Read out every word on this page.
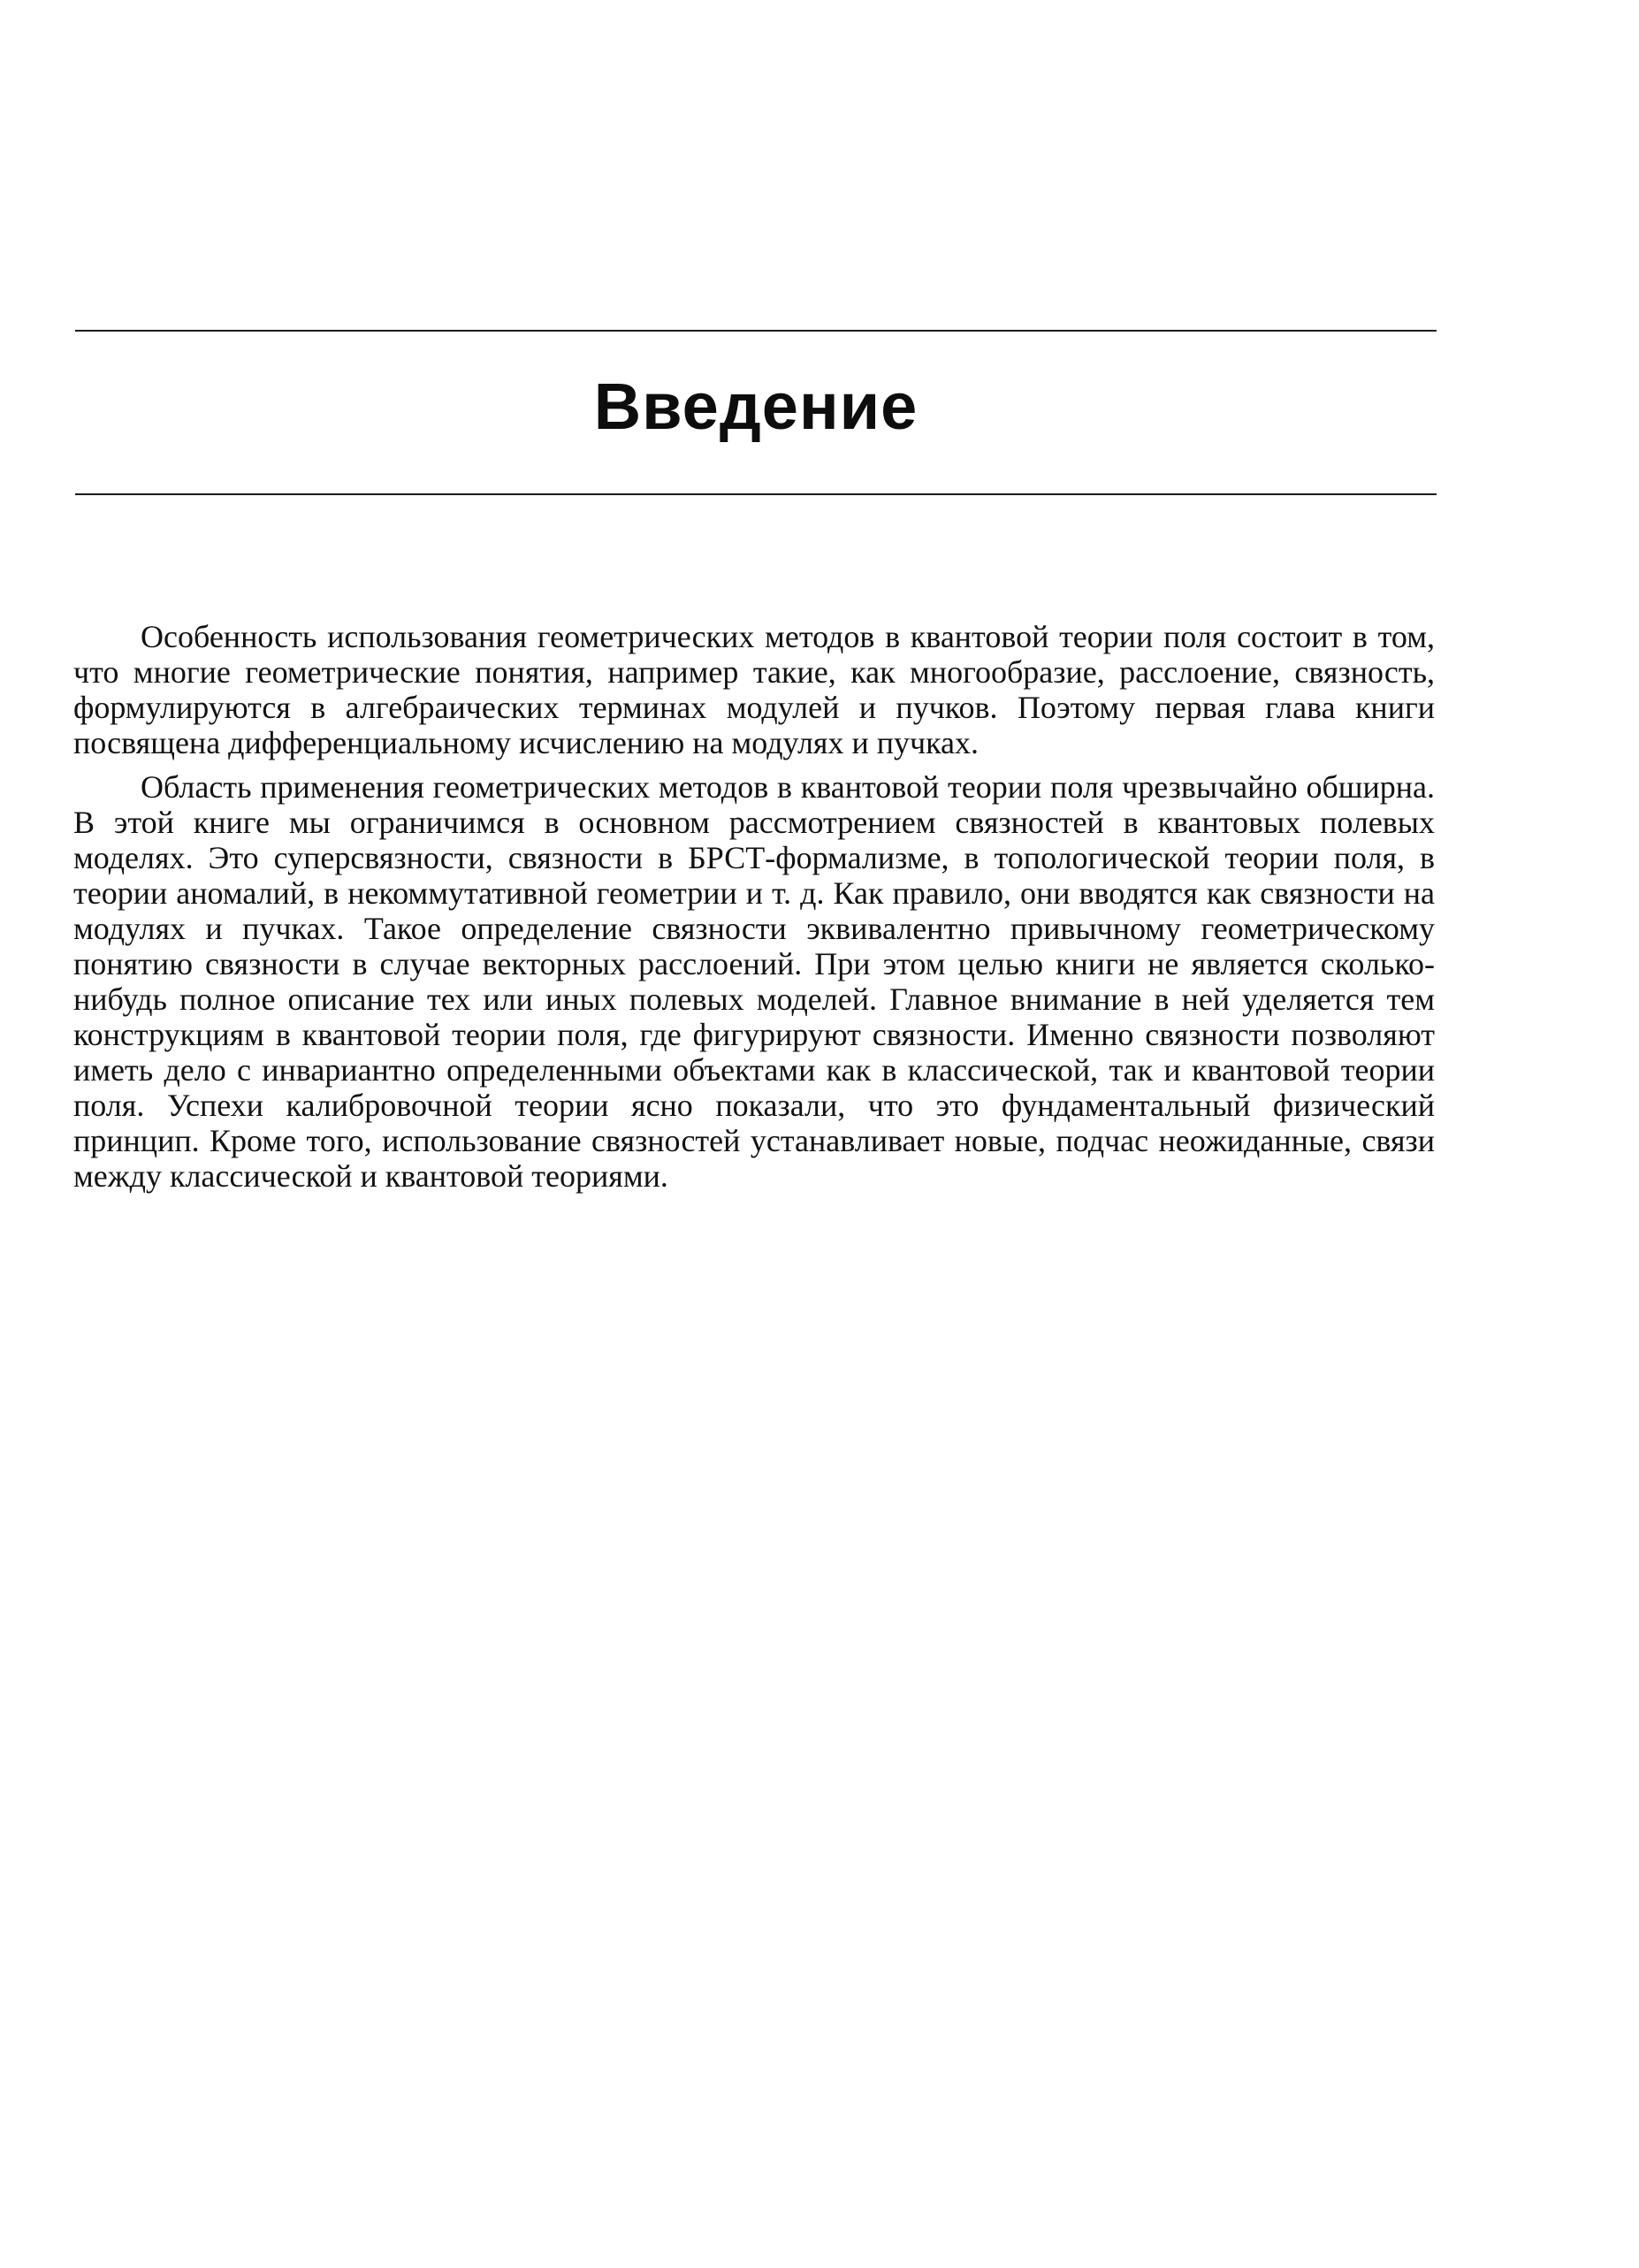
Введение

Особенность использования геометрических методов в квантовой теории поля состоит в том, что многие геометрические понятия, например такие, как многообразие, расслоение, связность, формулируются в алгебраических терминах модулей и пучков. Поэтому первая глава книги посвящена дифференциальному исчислению на модулях и пучках.

Область применения геометрических методов в квантовой теории поля чрезвычайно обширна. В этой книге мы ограничимся в основном рассмотрением связностей в квантовых полевых моделях. Это суперсвязности, связности в БРСТ-формализме, в топологической теории поля, в теории аномалий, в некоммутативной геометрии и т. д. Как правило, они вводятся как связности на модулях и пучках. Такое определение связности эквивалентно привычному геометрическому понятию связности в случае векторных расслоений. При этом целью книги не является сколько-нибудь полное описание тех или иных полевых моделей. Главное внимание в ней уделяется тем конструкциям в квантовой теории поля, где фигурируют связности. Именно связности позволяют иметь дело с инвариантно определенными объектами как в классической, так и квантовой теории поля. Успехи калибровочной теории ясно показали, что это фундаментальный физический принцип. Кроме того, использование связностей устанавливает новые, подчас неожиданные, связи между классической и квантовой теориями.
